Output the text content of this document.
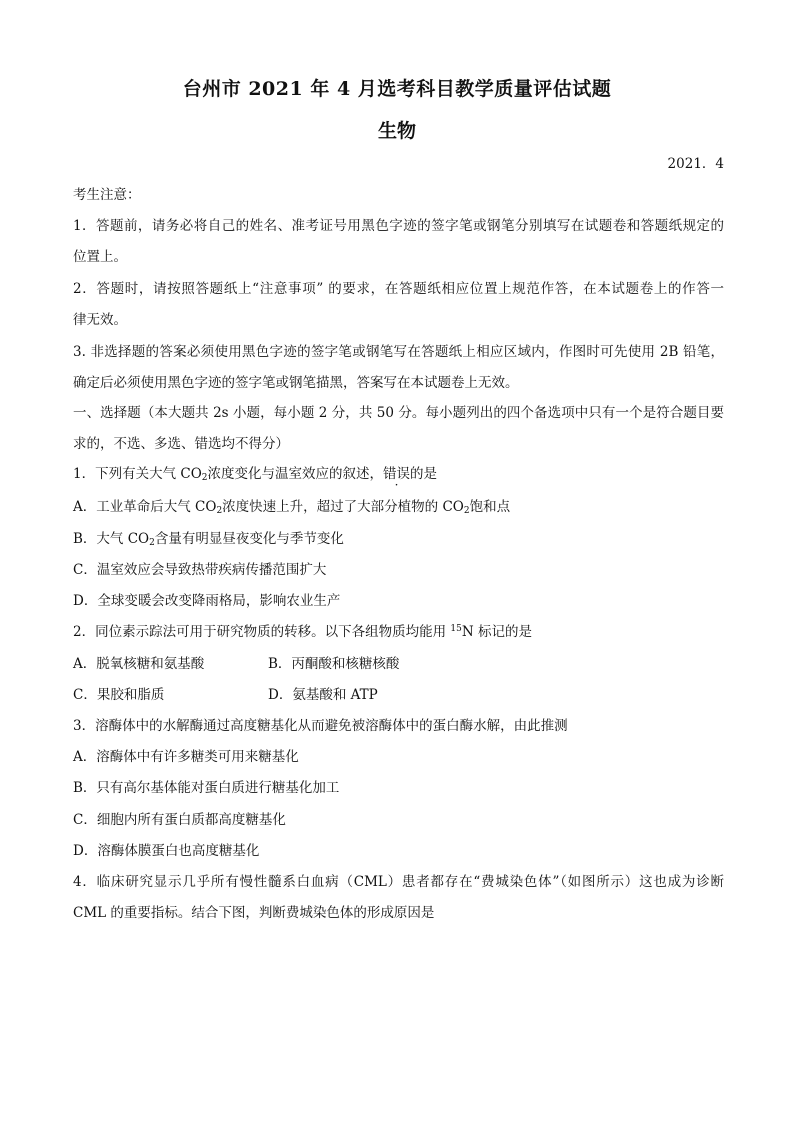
台州市 2021 年 4 月选考科目教学质量评估试题
生物
2021．4
考生注意：
1．答题前，请务必将自己的姓名、准考证号用黑色字迹的签字笔或钢笔分别填写在试题卷和答题纸规定的
位置上。
2．答题时，请按照答题纸上“注意事项” 的要求，在答题纸相应位置上规范作答，在本试题卷上的作答一
律无效。
3. 非选择题的答案必须使用黑色字迹的签字笔或钢笔写在答题纸上相应区域内，作图时可先使用 2B 铅笔，
确定后必须使用黑色字迹的签字笔或钢笔描黑，答案写在本试题卷上无效。
一、选择题（本大题共 2s 小题，每小题 2 分，共 50 分。每小题列出的四个备选项中只有一个是符合题目要
求的，不选、多选、错选均不得分）
1．下列有关大气 $CO_2$浓度变化与温室效应的叙述，错误的是
A．工业革命后大气 $CO_2$浓度快速上升，超过了大部分植物的 $CO_2$饱和点
B．大气 $CO_2$含量有明显昼夜变化与季节变化
C．温室效应会导致热带疾病传播范围扩大
D．全球变暖会改变降雨格局，影响农业生产
2．同位素示踪法可用于研究物质的转移。以下各组物质均能用 $^{15}$N 标记的是
A．脱氧核糖和氨基酸	B．丙酮酸和核糖核酸
C．果胶和脂质	D．氨基酸和 ATP
3．溶酶体中的水解酶通过高度糖基化从而避免被溶酶体中的蛋白酶水解，由此推测
A．溶酶体中有许多糖类可用来糖基化
B．只有高尔基体能对蛋白质进行糖基化加工
C．细胞内所有蛋白质都高度糖基化
D．溶酶体膜蛋白也高度糖基化
4．临床研究显示几乎所有慢性髓系白血病（CML）患者都存在“费城染色体”（如图所示）这也成为诊断
CML 的重要指标。结合下图，判断费城染色体的形成原因是
